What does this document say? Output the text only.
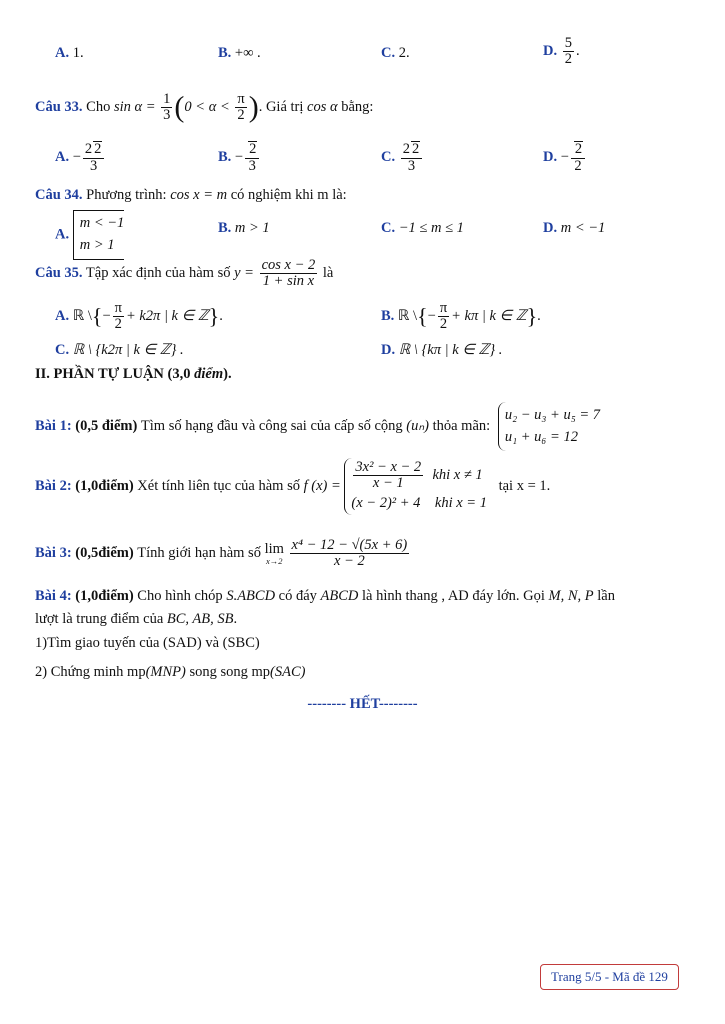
A. 1.	B. +∞ .	C. 2.	D. $\frac{5}{2}$ .
Câu 33. Cho $\sin \alpha = \frac{1}{3} (0 < \alpha < \frac{\pi}{2}$ ). Giá trị cos α bằng:
A. − $\frac{2 2}{3}$	B. − $\frac{2}{3}$	C. $\frac{2 2}{3}$	D. − $\frac{2}{2}$
Câu 34. Phương trình: cos x = m có nghiệm khi m là:
A.
m < −1
m > 1
B. m > 1	C. −1 ≤ m ≤ 1	D. m < −1
Câu 35. Tập xác định của hàm số $y = \frac{\text{cos x − 2}}{\text{1 + sin x}}$ là
A. ℝ \{− $\frac{\pi}{2} + k2\pi$ | k ∈ ℤ}.	B. ℝ \{− $\frac{\pi}{2} + k\pi$ | k ∈ ℤ}.
C. ℝ \ {k2π | k ∈ ℤ} .	D. ℝ \ {kπ | k ∈ ℤ} .
II. PHẦN TỰ LUẬN (3,0 điểm).
Bài 1: (0,5 điểm) Tìm số hạng đầu và công sai của cấp số cộng (uₙ) thỏa mãn:
u₂ − u₃ + u₅ = 7
u₁ + u₆ = 12
Bài 2: (1,0điểm) Xét tính liên tục của hàm số f $(x) = \frac{\text{3x² − x − 2}}{x - 1}$ khi x ≠ 1
(x − 2)² + 4 khi x = 1
tại x = 1.
Bài 3: (0,5điểm) Tính giới hạn hàm số lim
x→2
$\frac{\text{x⁴ − 12 − √(5x + 6)}}{x - 2}$
Bài 4: (1,0điểm) Cho hình chóp S.ABCD có đáy ABCD là hình thang , AD đáy lớn. Gọi M, N, P lần
lượt là trung điểm của BC, AB, SB.
1)Tìm giao tuyến của (SAD) và (SBC)
2) Chứng minh mp(MNP) song song mp(SAC)
-------- HẾT--------
Trang 5/5 - Mã đề 129
